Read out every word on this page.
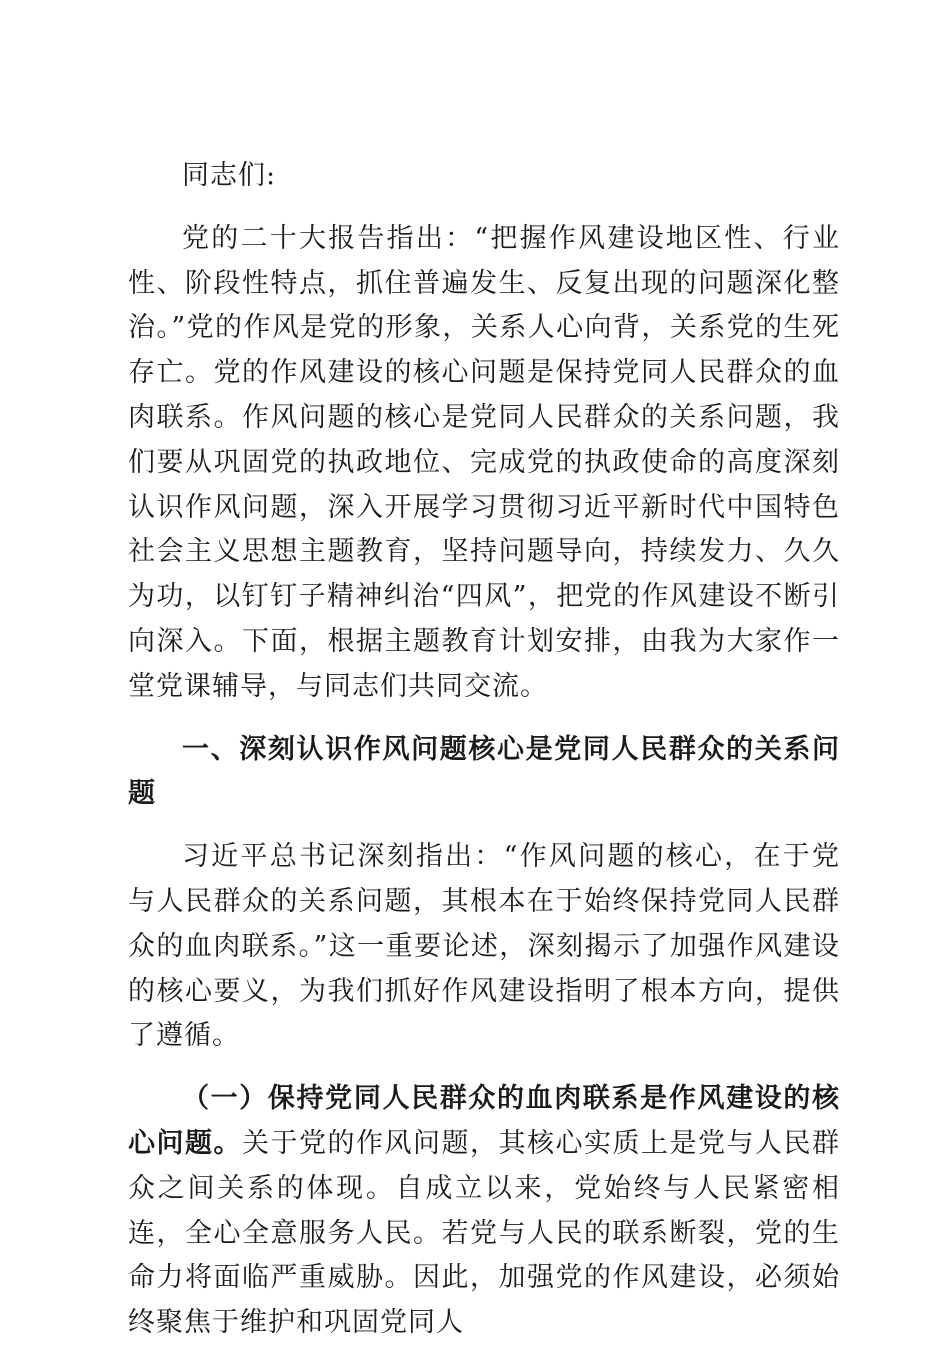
同志们:

党的二十大报告指出：“把握作风建设地区性、行业性、阶段性特点，抓住普遍发生、反复出现的问题深化整治。”党的作风是党的形象，关系人心向背，关系党的生死存亡。党的作风建设的核心问题是保持党同人民群众的血肉联系。作风问题的核心是党同人民群众的关系问题，我们要从巩固党的执政地位、完成党的执政使命的高度深刻认识作风问题，深入开展学习贯彻习近平新时代中国特色社会主义思想主题教育，坚持问题导向，持续发力、久久为功，以钉钉子精神纠治“四风”，把党的作风建设不断引向深入。下面，根据主题教育计划安排，由我为大家作一堂党课辅导，与同志们共同交流。

一、深刻认识作风问题核心是党同人民群众的关系问题

习近平总书记深刻指出：“作风问题的核心，在于党与人民群众的关系问题，其根本在于始终保持党同人民群众的血肉联系。”这一重要论述，深刻揭示了加强作风建设的核心要义，为我们抓好作风建设指明了根本方向，提供了遵循。

（一）保持党同人民群众的血肉联系是作风建设的核心问题。关于党的作风问题，其核心实质上是党与人民群众之间关系的体现。自成立以来，党始终与人民紧密相连，全心全意服务人民。若党与人民的联系断裂，党的生命力将面临严重威胁。因此，加强党的作风建设，必须始终聚焦于维护和巩固党同人
